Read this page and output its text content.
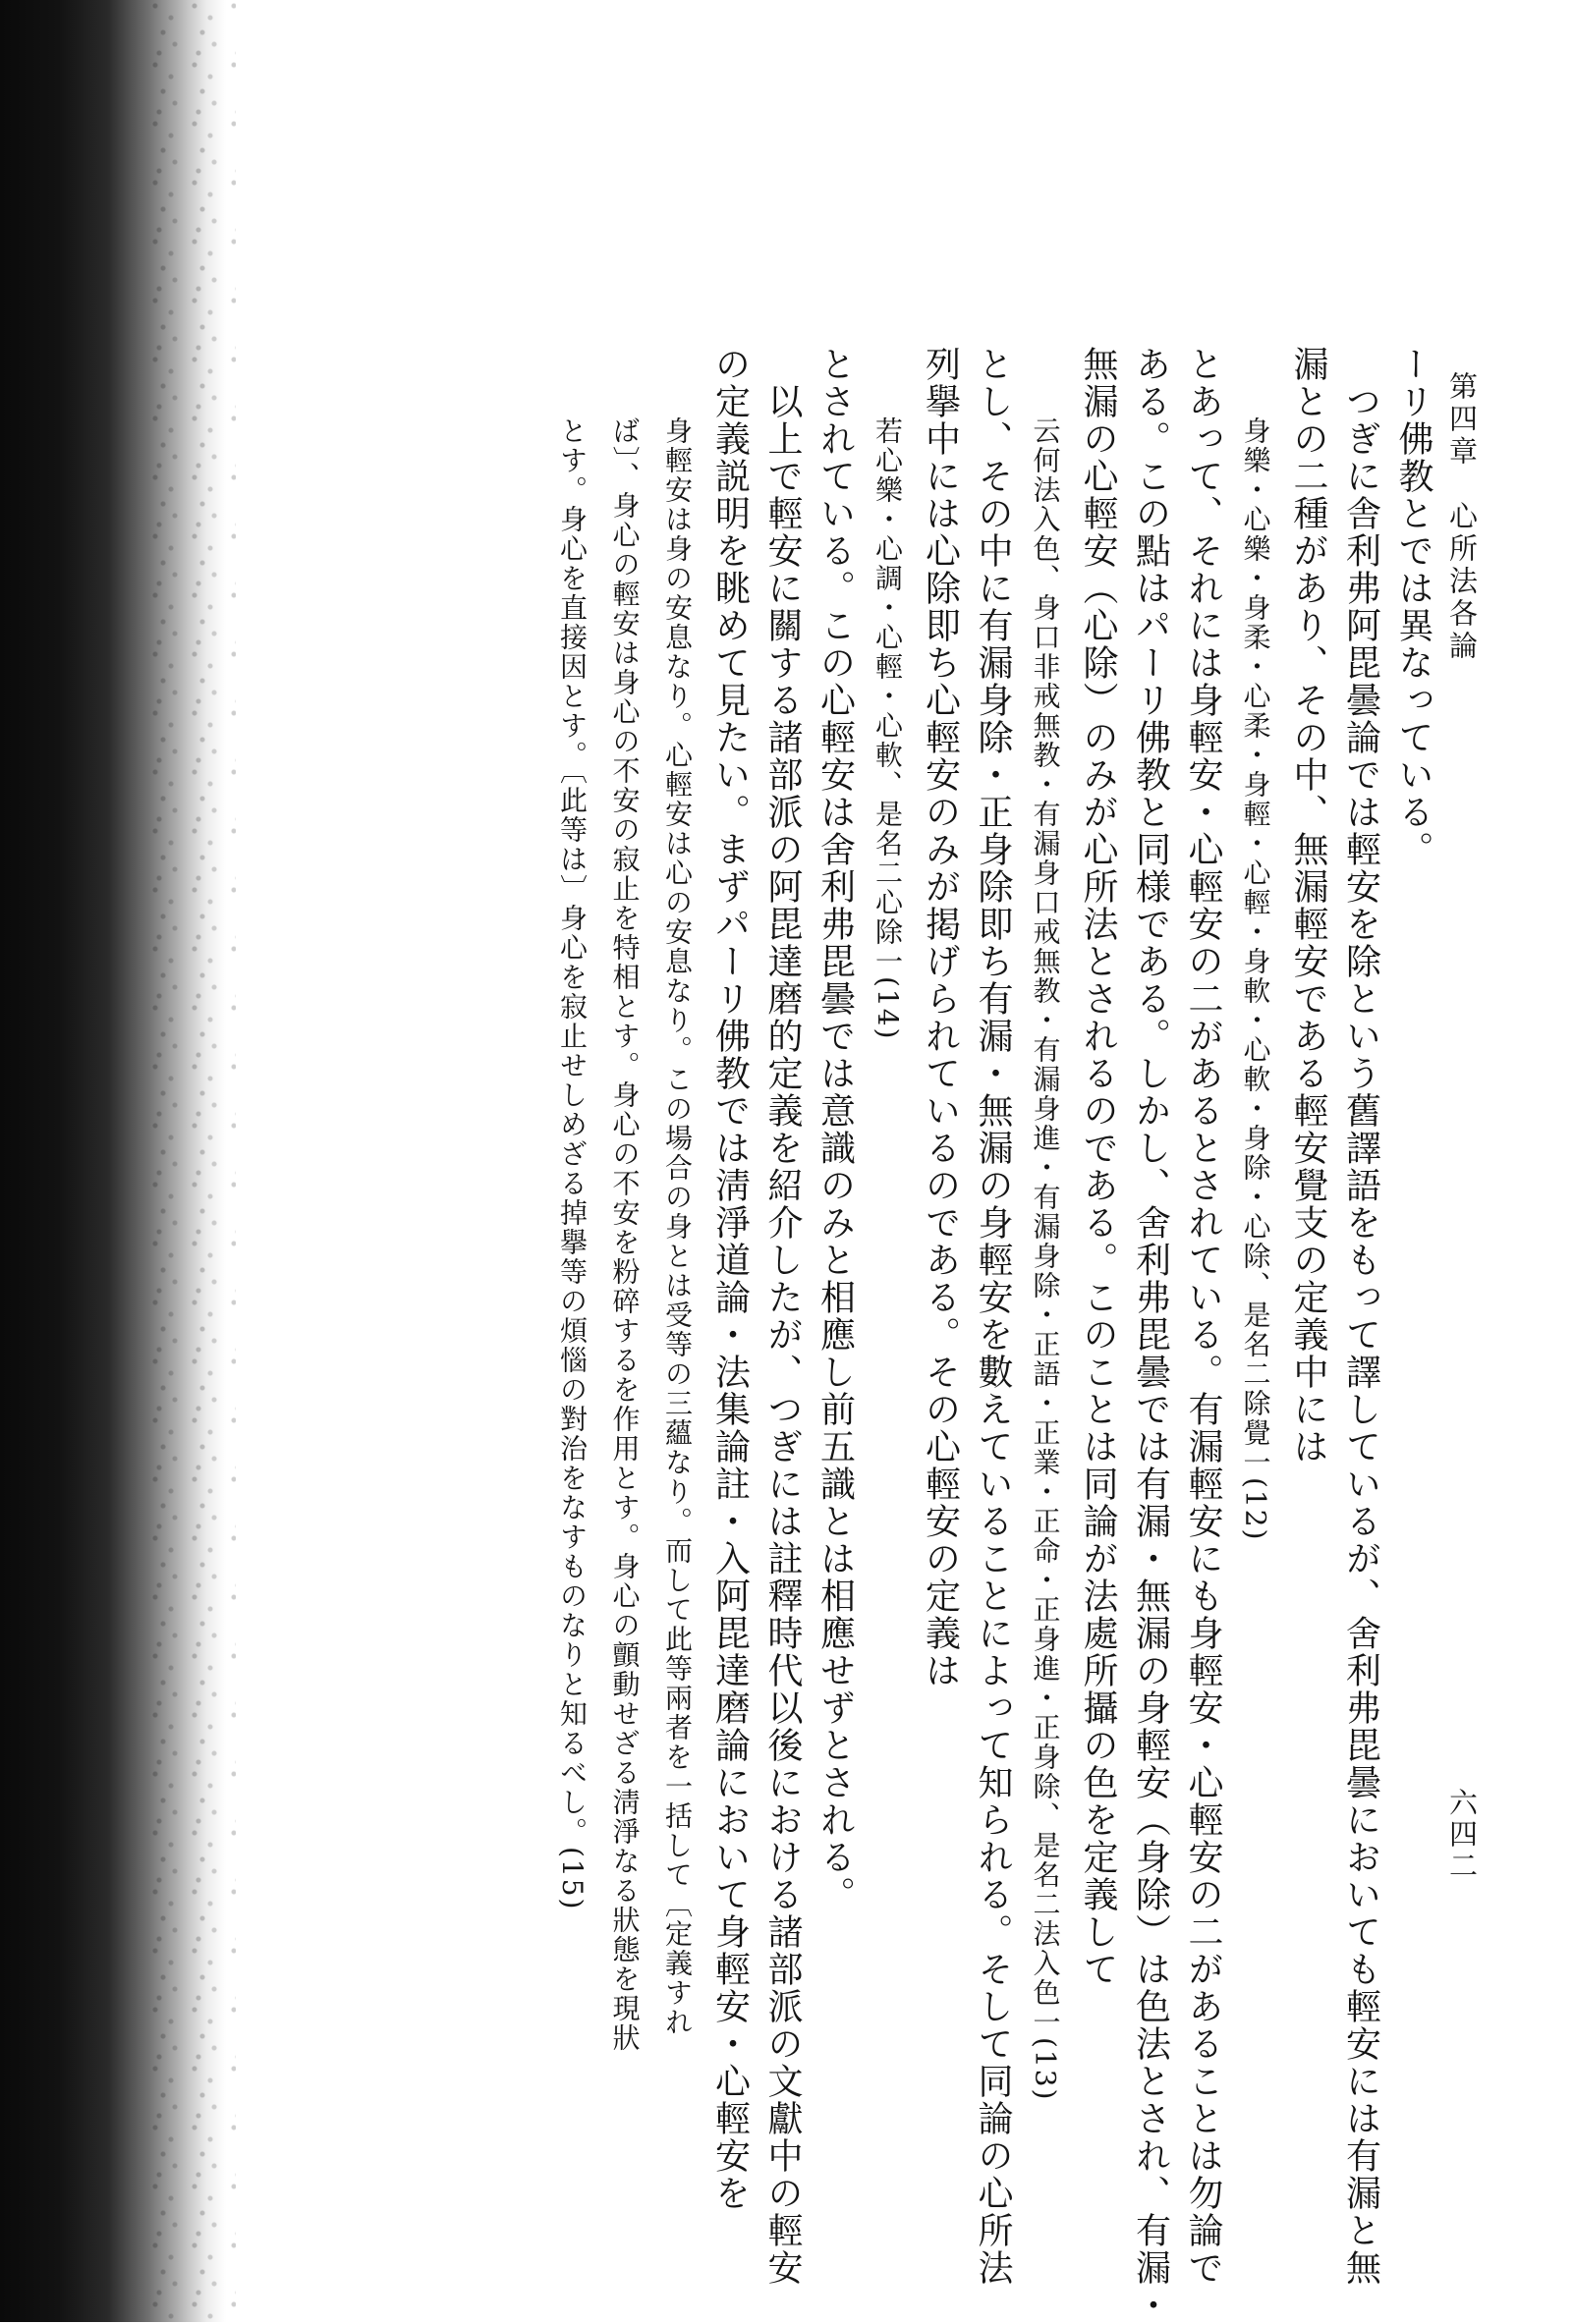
第四章　心所法各論
六四二
ーリ佛教とでは異なっている。
　つぎに舎利弗阿毘曇論では輕安を除という舊譯語をもって譯しているが、舍利弗毘曇においても輕安には有漏と無
漏との二種があり、その中、無漏輕安である輕安覺支の定義中には
身樂・心樂・身柔・心柔・身輕・心輕・身軟・心軟・身除・心除、是名二除覺一(12)
とあって、それには身輕安・心輕安の二があるとされている。有漏輕安にも身輕安・心輕安の二があることは勿論で
ある。この點はパーリ佛教と同様である。しかし、舍利弗毘曇では有漏・無漏の身輕安（身除）は色法とされ、有漏・
無漏の心輕安（心除）のみが心所法とされるのである。このことは同論が法處所攝の色を定義して
云何法入色、身口非戒無教・有漏身口戒無教・有漏身進・有漏身除・正語・正業・正命・正身進・正身除、是名二法入色一(13)
とし、その中に有漏身除・正身除即ち有漏・無漏の身輕安を數えていることによって知られる。そして同論の心所法
列擧中には心除即ち心輕安のみが掲げられているのである。その心輕安の定義は
若心樂・心調・心輕・心軟、是名二心除一(14)
とされている。この心輕安は舍利弗毘曇では意識のみと相應し前五識とは相應せずとされる。
　以上で輕安に關する諸部派の阿毘達磨的定義を紹介したが、つぎには註釋時代以後における諸部派の文獻中の輕安
の定義説明を眺めて見たい。まずパーリ佛教では淸淨道論・法集論註・入阿毘達磨論において身輕安・心輕安を
身輕安は身の安息なり。心輕安は心の安息なり。この場合の身とは受等の三蘊なり。而して此等兩者を一括して〔定義すれ
ば〕、身心の輕安は身心の不安の寂止を特相とす。身心の不安を粉碎するを作用とす。身心の顫動せざる淸淨なる狀態を現狀
とす。身心を直接因とす。〔此等は〕身心を寂止せしめざる掉擧等の煩惱の對治をなすものなりと知るべし。(15)
